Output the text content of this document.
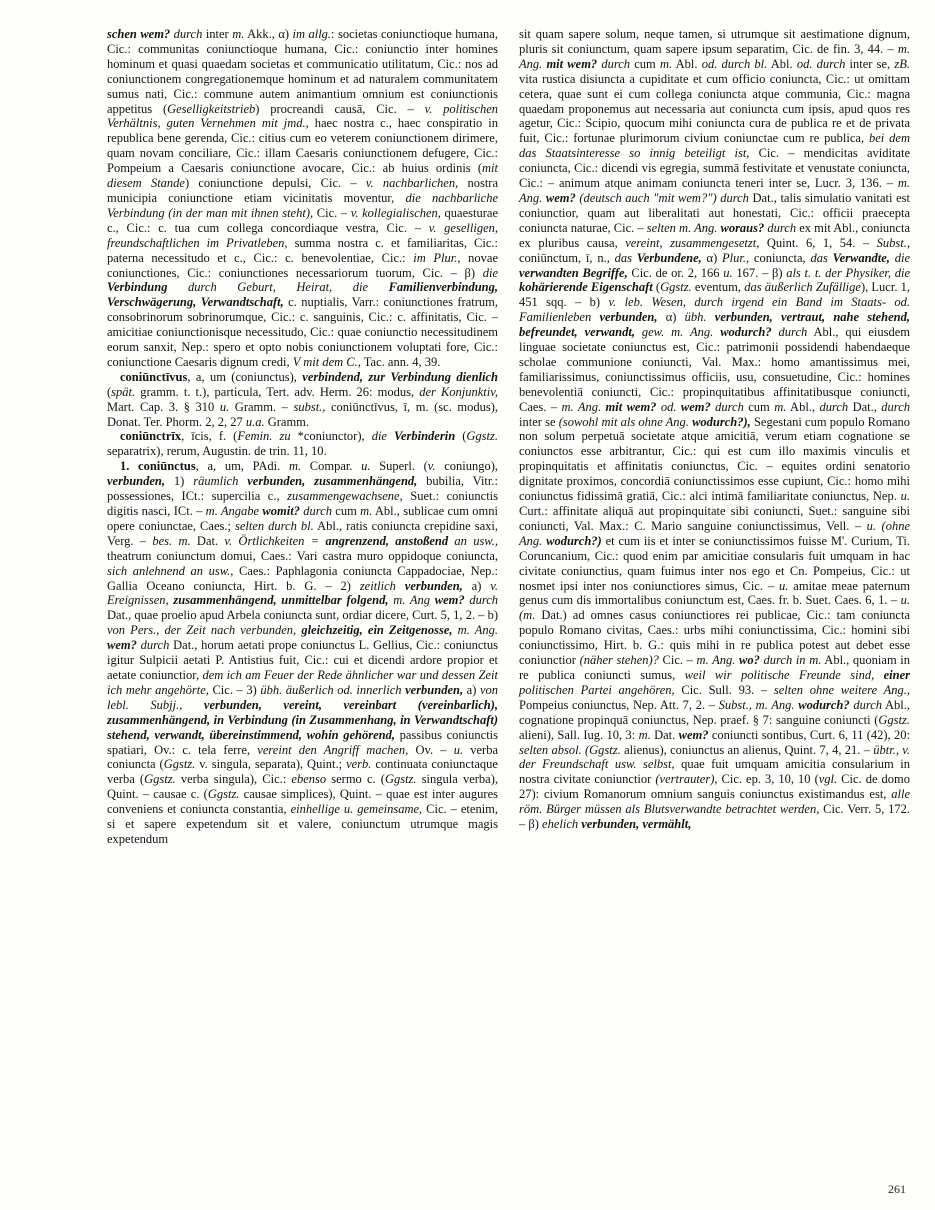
schen wem? durch inter m. Akk., α) im allg.: societas coniunctioque humana, Cic.: communitas coniunctioque humana, Cic.: coniunctio inter homines hominum et quasi quaedam societas et communicatio utilitatum, Cic.: nos ad coniunctionem congregationemque hominum et ad naturalem communitatem sumus nati, Cic.: commune autem animantium omnium est coniunctionis appetitus (Geselligkeitstrieb) procreandi causā, Cic. – v. politischen Verhältnis, guten Vernehmen mit jmd., haec nostra c., haec conspiratio in republica bene gerenda, Cic.: citius cum eo veterem coniunctionem dirimere, quam novam conciliare, Cic.: illam Caesaris coniunctionem defugere, Cic.: Pompeium a Caesaris coniunctione avocare, Cic.: ab huius ordinis (mit diesem Stande) coniunctione depulsi, Cic. – v. nachbarlichen, nostra municipia coniunctione etiam vicinitatis moventur, die nachbarliche Verbindung (in der man mit ihnen steht), Cic. – v. kollegialischen, quaesturae c., Cic.: c. tua cum collega concordiaque vestra, Cic. – v. geselligen, freundschaftlichen im Privatleben, summa nostra c. et familiaritas, Cic.: paterna necessitudo et c., Cic.: c. benevolentiae, Cic.: im Plur., novae coniunctiones, Cic.: coniunctiones necessariorum tuorum, Cic. – β) die Verbindung durch Geburt, Heirat, die Familienverbindung, Verschwägerung, Verwandtschaft, c. nuptialis, Varr.: coniunctiones fratrum, consobrinorum sobrinorumque, Cic.: c. sanguinis, Cic.: c. affinitatis, Cic. – amicitiae coniunctionisque necessitudo, Cic.: quae coniunctio necessitudinem eorum sanxit, Nep.: spero et opto nobis coniunctionem voluptati fore, Cic.: coniunctione Caesaris dignum credi, V mit dem C., Tac. ann. 4, 39.

coniūnctīvus, a, um (coniunctus), verbindend, zur Verbindung dienlich (spät. gramm. t. t.), particula, Tert. adv. Herm. 26: modus, der Konjunktiv, Mart. Cap. 3. § 310 u. Gramm. – subst., coniūnctīvus, ī, m. (sc. modus), Donat. Ter. Phorm. 2, 2, 27 u.a. Gramm.

coniūnctrīx, īcis, f. (Femin. zu *coniunctor), die Verbinderin (Ggstz. separatrix), rerum, Augustin. de trin. 11, 10.

1. coniūnctus, a, um, PAdi. m. Compar. u. Superl. (v. coniungo), verbunden, 1) räumlich verbunden, zusammenhängend, bubilia, Vitr.: possessiones, ICt.: supercilia c., zusammengewachsene, Suet.: coniunctis digitis nasci, ICt. – m. Angabe womit? durch cum m. Abl., sublicae cum omni opere coniunctae, Caes.; selten durch bl. Abl., ratis coniuncta crepidine saxi, Verg. – bes. m. Dat. v. Örtlichkeiten = angrenzend, anstoßend an usw., theatrum coniunctum domui, Caes.: Vari castra muro oppidoque coniuncta, sich anlehnend an usw., Caes.: Paphlagonia coniuncta Cappadociae, Nep.: Gallia Oceano coniuncta, Hirt. b. G. – 2) zeitlich verbunden, a) v. Ereignissen, zusammenhängend, unmittelbar folgend, m. Ang wem? durch Dat., quae proelio apud Arbela coniuncta sunt, ordiar dicere, Curt. 5, 1, 2. – b) von Pers., der Zeit nach verbunden, gleichzeitig, ein Zeitgenosse, m. Ang. wem? durch Dat., horum aetati prope coniunctus L. Gellius, Cic.: coniunctus igitur Sulpicii aetati P. Antistius fuit, Cic.: cui et dicendi ardore propior et aetate coniunctior, dem ich am Feuer der Rede ähnlicher war und dessen Zeit ich mehr angehörte, Cic. – 3) übh. äußerlich od. innerlich verbunden, a) von lebl. Subjj., verbunden, vereint, vereinbart (vereinbarlich), zusammenhängend, in Verbindung (in Zusammenhang, in Verwandtschaft) stehend, verwandt, übereinstimmend, wohin gehörend, passibus coniunctis spatiari, Ov.: c. tela ferre, vereint den Angriff machen, Ov. – u. verba coniuncta (Ggstz. v. singula, separata), Quint.; verb. continuata coniunctaque verba (Ggstz. verba singula), Cic.: ebenso sermo c. (Ggstz. singula verba), Quint. – causae c. (Ggstz. causae simplices), Quint. – quae est inter augures conveniens et coniuncta constantia, einhellige u. gemeinsame, Cic. – etenim, si et sapere expetendum sit et valere, coniunctum utrumque magis expetendum

sit quam sapere solum, neque tamen, si utrumque sit aestimatione dignum, pluris sit coniunctum, quam sapere ipsum separatim, Cic. de fin. 3, 44. – m. Ang. mit wem? durch cum m. Abl. od. durch bl. Abl. od. durch inter se, zB. vita rustica disiuncta a cupiditate et cum officio coniuncta, Cic.: ut omittam cetera, quae sunt ei cum collega coniuncta atque communia, Cic.: magna quaedam proponemus aut necessaria aut coniuncta cum ipsis, apud quos res agetur, Cic.: Scipio, quocum mihi coniuncta cura de publica re et de privata fuit, Cic.: fortunae plurimorum civium coniunctae cum re publica, bei dem das Staatsinteresse so innig beteiligt ist, Cic. – mendicitas aviditate coniuncta, Cic.: dicendi vis egregia, summā festivitate et venustate coniuncta, Cic.: – animum atque animam coniuncta teneri inter se, Lucr. 3, 136. – m. Ang. wem? (deutsch auch "mit wem?") durch Dat., talis simulatio vanitati est coniunctior, quam aut liberalitati aut honestati, Cic.: officii praecepta coniuncta naturae, Cic. – selten m. Ang. woraus? durch ex mit Abl., coniuncta ex pluribus causa, vereint, zusammengesetzt, Quint. 6, 1, 54. – Subst., coniūnctum, ī, n., das Verbundene, α) Plur., coniuncta, das Verwandte, die verwandten Begriffe, Cic. de or. 2, 166 u. 167. – β) als t. t. der Physiker, die kohärierende Eigenschaft (Ggstz. eventum, das äußerlich Zufällige), Lucr. 1, 451 sqq. – b) v. leb. Wesen, durch irgend ein Band im Staats- od. Familienleben verbunden, α) übh. verbunden, vertraut, nahe stehend, befreundet, verwandt, gew. m. Ang. wodurch? durch Abl., qui eiusdem linguae societate coniunctus est, Cic.: patrimonii possidendi habendaeque scholae communione coniuncti, Val. Max.: homo amantissimus mei, familiarissimus, coniunctissimus officiis, usu, consuetudine, Cic.: homines benevolentiā coniuncti, Cic.: propinquitatibus affinitatibusque coniuncti, Caes. – m. Ang. mit wem? od. wem? durch cum m. Abl., durch Dat., durch inter se (sowohl mit als ohne Ang. wodurch?), Segestani cum populo Romano non solum perpetuā societate atque amicitiā, verum etiam cognatione se coniunctos esse arbitrantur, Cic.: qui est cum illo maximis vinculis et propinquitatis et affinitatis coniunctus, Cic. – equites ordini senatorio dignitate proximos, concordiā coniunctissimos esse cupiunt, Cic.: homo mihi coniunctus fidissimā gratiā, Cic.: alci intimā familiaritate coniunctus, Nep. u. Curt.: affinitate aliquā aut propinquitate sibi coniuncti, Suet.: sanguine sibi coniuncti, Val. Max.: C. Mario sanguine coniunctissimus, Vell. – u. (ohne Ang. wodurch?) et cum iis et inter se coniunctissimos fuisse M'. Curium, Ti. Coruncanium, Cic.: quod enim par amicitiae consularis fuit umquam in hac civitate coniunctius, quam fuimus inter nos ego et Cn. Pompeius, Cic.: ut nosmet ipsi inter nos coniunctiores simus, Cic. – u. amitae meae paternum genus cum dis immortalibus coniunctum est, Caes. fr. b. Suet. Caes. 6, 1. – u. (m. Dat.) ad omnes casus coniunctiores rei publicae, Cic.: tam coniuncta populo Romano civitas, Caes.: urbs mihi coniunctissima, Cic.: homini sibi coniunctissimo, Hirt. b. G.: quis mihi in re publica potest aut debet esse coniunctior (näher stehen)? Cic. – m. Ang. wo? durch in m. Abl., quoniam in re publica coniuncti sumus, weil wir politische Freunde sind, einer politischen Partei angehören, Cic. Sull. 93. – selten ohne weitere Ang., Pompeius coniunctus, Nep. Att. 7, 2. – Subst., m. Ang. wodurch? durch Abl., cognatione propinquā coniunctus, Nep. praef. § 7: sanguine coniuncti (Ggstz. alieni), Sall. Iug. 10, 3: m. Dat. wem? coniuncti sontibus, Curt. 6, 11 (42), 20: selten absol. (Ggstz. alienus), coniunctus an alienus, Quint. 7, 4, 21. – übtr., v. der Freundschaft usw. selbst, quae fuit umquam amicitia consularium in nostra civitate coniunctior (vertrauter), Cic. ep. 3, 10, 10 (vgl. Cic. de domo 27): civium Romanorum omnium sanguis coniunctus existimandus est, alle röm. Bürger müssen als Blutsverwandte betrachtet werden, Cic. Verr. 5, 172. – β) ehelich verbunden, vermählt,

261
